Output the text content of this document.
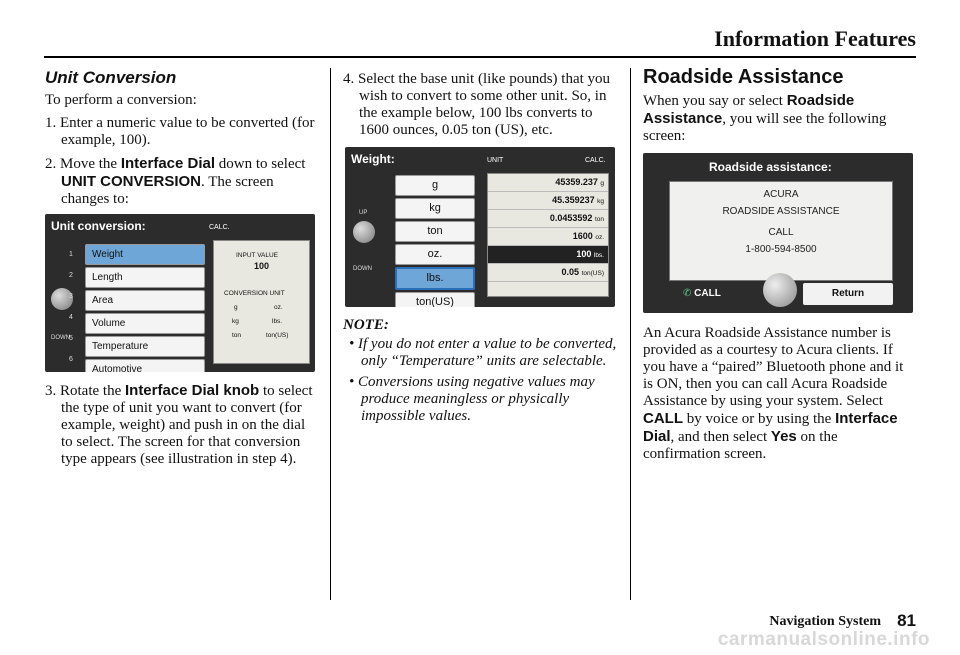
Information Features
Unit Conversion

To perform a conversion:

1. Enter a numeric value to be converted (for example, 100).

2. Move the Interface Dial down to select UNIT CONVERSION. The screen changes to:

Unit conversion:	CALC.
DOWN
1
2
3
4
5
6
Weight
Length
Area
Volume
Temperature
Automotive
INPUT VALUE
100
CONVERSION UNIT
g
kg
ton
oz.
lbs.
ton(US)

3. Rotate the Interface Dial knob to select the type of unit you want to convert (for example, weight) and push in on the dial to select. The screen for that conversion type appears (see illustration in step 4).

4. Select the base unit (like pounds) that you wish to convert to some other unit. So, in the example below, 100 lbs converts to 1600 ounces, 0.05 ton (US), etc.

Weight:	UNIT	CALC.
UP
DOWN
g
kg
ton
oz.
lbs.
ton(US)
45359.237 g
45.359237 kg
0.0453592 ton
1600 oz.
100 lbs.
0.05 ton(US)
NOTE:

• If you do not enter a value to be converted, only “Temperature” units are selectable.

• Conversions using negative values may produce meaningless or physically impossible values.

Roadside Assistance

When you say or select Roadside Assistance, you will see the following screen:

Roadside assistance:
ACURA
ROADSIDE ASSISTANCE
CALL
1-800-594-8500
✆ CALL	Return

An Acura Roadside Assistance number is provided as a courtesy to Acura clients. If you have a “paired” Bluetooth phone and it is ON, then you can call Acura Roadside Assistance by using your system. Select CALL by voice or by using the Interface Dial, and then select Yes on the confirmation screen.

Navigation System 81
carmanualsonline.info
